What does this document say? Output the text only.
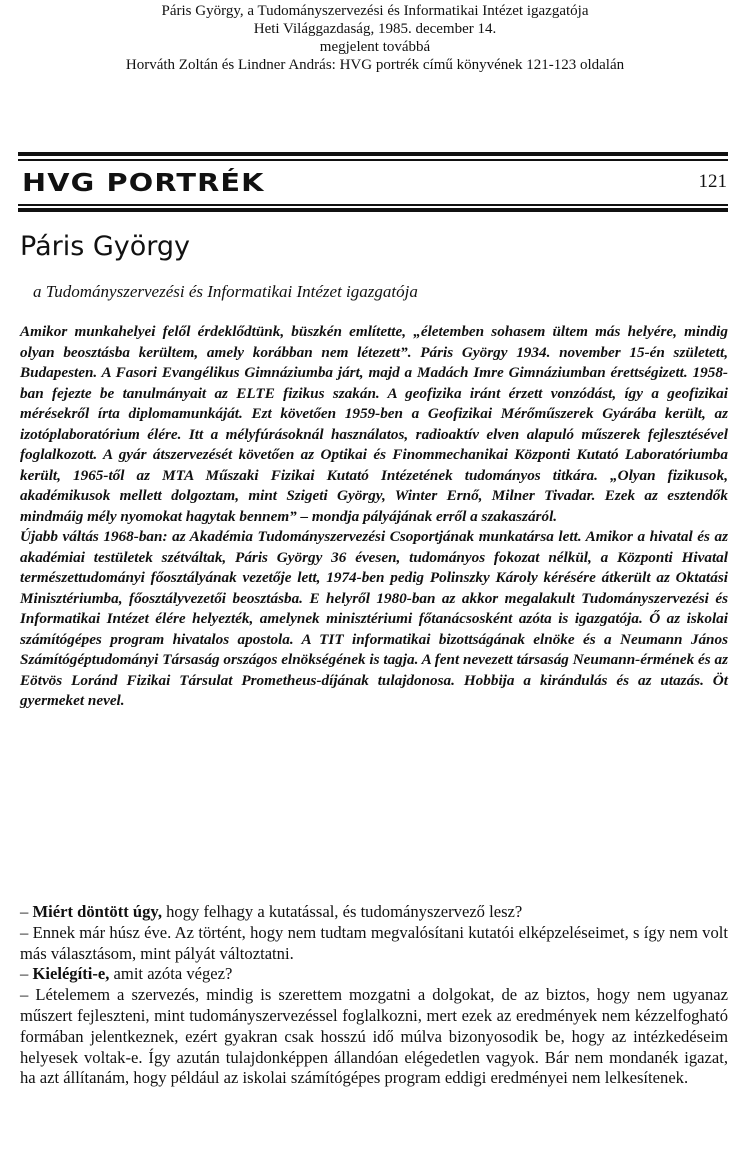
Páris György, a Tudományszervezési és Informatikai Intézet igazgatója
Heti Világgazdaság, 1985. december 14.
megjelent továbbá
Horváth Zoltán és Lindner András: HVG portrék című könyvének 121-123 oldalán
HVG PORTRÉK	121
Páris György
a Tudományszervezési és Informatikai Intézet igazgatója

Amikor munkahelyei felől érdeklődtünk, büszkén említette, „életemben sohasem ültem más helyére, mindig olyan beosztásba kerültem, amely korábban nem létezett”. Páris György 1934. november 15-én született, Budapesten. A Fasori Evangélikus Gimnáziumba járt, majd a Madách Imre Gimnáziumban érettségizett. 1958-ban fejezte be tanulmányait az ELTE fizikus szakán. A geofizika iránt érzett vonzódást, így a geofizikai mérésekről írta diplomamunkáját. Ezt követően 1959-ben a Geofizikai Mérőműszerek Gyárába került, az izotóplaboratórium élére. Itt a mélyfúrásoknál használatos, radioaktív elven alapuló műszerek fejlesztésével foglalkozott. A gyár átszervezését követően az Optikai és Finommechanikai Központi Kutató Laboratóriumba került, 1965-től az MTA Műszaki Fizikai Kutató Intézetének tudományos titkára. „Olyan fizikusok, akadémikusok mellett dolgoztam, mint Szigeti György, Winter Ernő, Milner Tivadar. Ezek az esztendők mindmáig mély nyomokat hagytak bennem” – mondja pályájának erről a szakaszáról.

Újabb váltás 1968-ban: az Akadémia Tudományszervezési Csoportjának munkatársa lett. Amikor a hivatal és az akadémiai testületek szétváltak, Páris György 36 évesen, tudományos fokozat nélkül, a Központi Hivatal természettudományi főosztályának vezetője lett, 1974-ben pedig Polinszky Károly kérésére átkerült az Oktatási Minisztériumba, főosztályvezetői beosztásba. E helyről 1980-ban az akkor megalakult Tudományszervezési és Informatikai Intézet élére helyezték, amelynek minisztériumi főtanácsosként azóta is igazgatója. Ő az iskolai számítógépes program hivatalos apostola. A TIT informatikai bizottságának elnöke és a Neumann János Számítógéptudományi Társaság országos elnökségének is tagja. A fent nevezett társaság Neumann-érmének és az Eötvös Loránd Fizikai Társulat Prometheus-díjának tulajdonosa. Hobbija a kirándulás és az utazás. Öt gyermeket nevel.

– Miért döntött úgy, hogy felhagy a kutatással, és tudományszervező lesz?

– Ennek már húsz éve. Az történt, hogy nem tudtam megvalósítani kutatói elképzeléseimet, s így nem volt más választásom, mint pályát változtatni.

– Kielégíti-e, amit azóta végez?

– Lételemem a szervezés, mindig is szerettem mozgatni a dolgokat, de az biztos, hogy nem ugyanaz műszert fejleszteni, mint tudományszervezéssel foglalkozni, mert ezek az eredmények nem kézzelfogható formában jelentkeznek, ezért gyakran csak hosszú idő múlva bizonyosodik be, hogy az intézkedéseim helyesek voltak-e. Így azután tulajdonképpen állandóan elégedetlen vagyok. Bár nem mondanék igazat, ha azt állítanám, hogy például az iskolai számítógépes program eddigi eredményei nem lelkesítenek.
